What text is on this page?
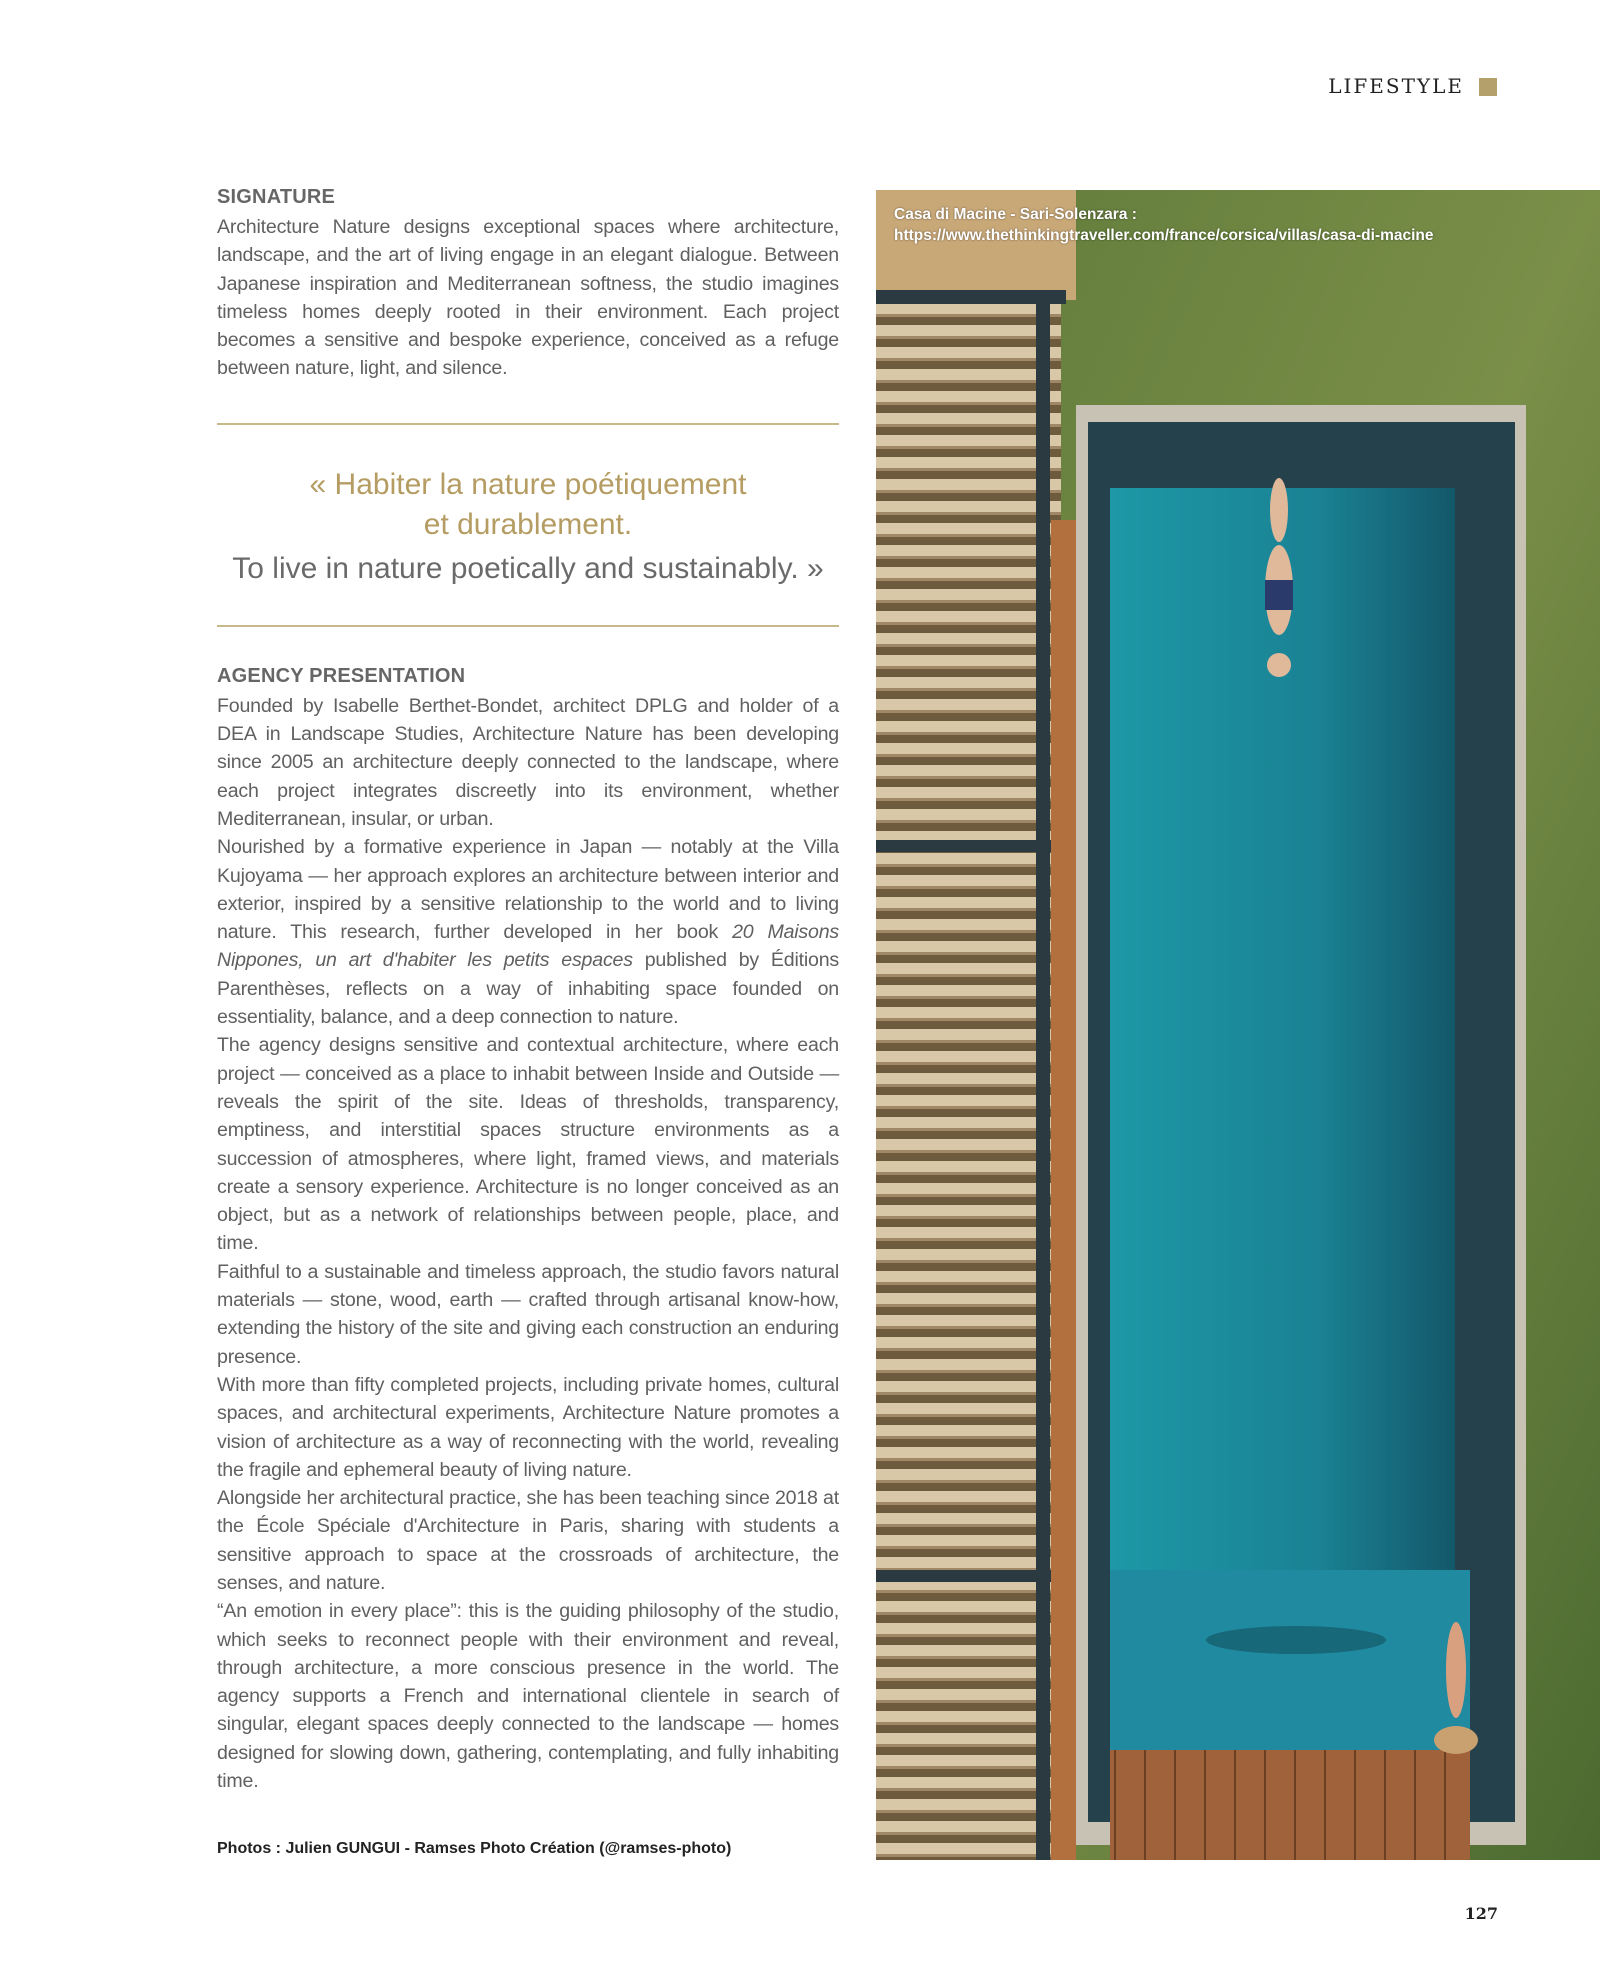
LIFESTYLE
SIGNATURE
Architecture Nature designs exceptional spaces where architecture, landscape, and the art of living engage in an elegant dialogue. Between Japanese inspiration and Mediterranean softness, the studio imagines timeless homes deeply rooted in their environment. Each project becomes a sensitive and bespoke experience, conceived as a refuge between nature, light, and silence.
« Habiter la nature poétiquement
et durablement.
To live in nature poetically and sustainably. »
AGENCY PRESENTATION

Founded by Isabelle Berthet-Bondet, architect DPLG and holder of a DEA in Landscape Studies, Architecture Nature has been developing since 2005 an architecture deeply connected to the landscape, where each project integrates discreetly into its environment, whether Mediterranean, insular, or urban.

Nourished by a formative experience in Japan — notably at the Villa Kujoyama — her approach explores an architecture between interior and exterior, inspired by a sensitive relationship to the world and to living nature. This research, further developed in her book 20 Maisons Nippones, un art d'habiter les petits espaces published by Éditions Parenthèses, reflects on a way of inhabiting space founded on essentiality, balance, and a deep connection to nature.

The agency designs sensitive and contextual architecture, where each project — conceived as a place to inhabit between Inside and Outside — reveals the spirit of the site. Ideas of thresholds, transparency, emptiness, and interstitial spaces structure environments as a succession of atmospheres, where light, framed views, and materials create a sensory experience. Architecture is no longer conceived as an object, but as a network of relationships between people, place, and time.

Faithful to a sustainable and timeless approach, the studio favors natural materials — stone, wood, earth — crafted through artisanal know-how, extending the history of the site and giving each construction an enduring presence.

With more than fifty completed projects, including private homes, cultural spaces, and architectural experiments, Architecture Nature promotes a vision of architecture as a way of reconnecting with the world, revealing the fragile and ephemeral beauty of living nature.

Alongside her architectural practice, she has been teaching since 2018 at the École Spéciale d'Architecture in Paris, sharing with students a sensitive approach to space at the crossroads of architecture, the senses, and nature.

“An emotion in every place”: this is the guiding philosophy of the studio, which seeks to reconnect people with their environment and reveal, through architecture, a more conscious presence in the world. The agency supports a French and international clientele in search of singular, elegant spaces deeply connected to the landscape — homes designed for slowing down, gathering, contemplating, and fully inhabiting time.

Photos : Julien GUNGUI - Ramses Photo Création (@ramses-photo)
127
Casa di Macine - Sari-Solenzara :
https://www.thethinkingtraveller.com/france/corsica/villas/casa-di-macine
